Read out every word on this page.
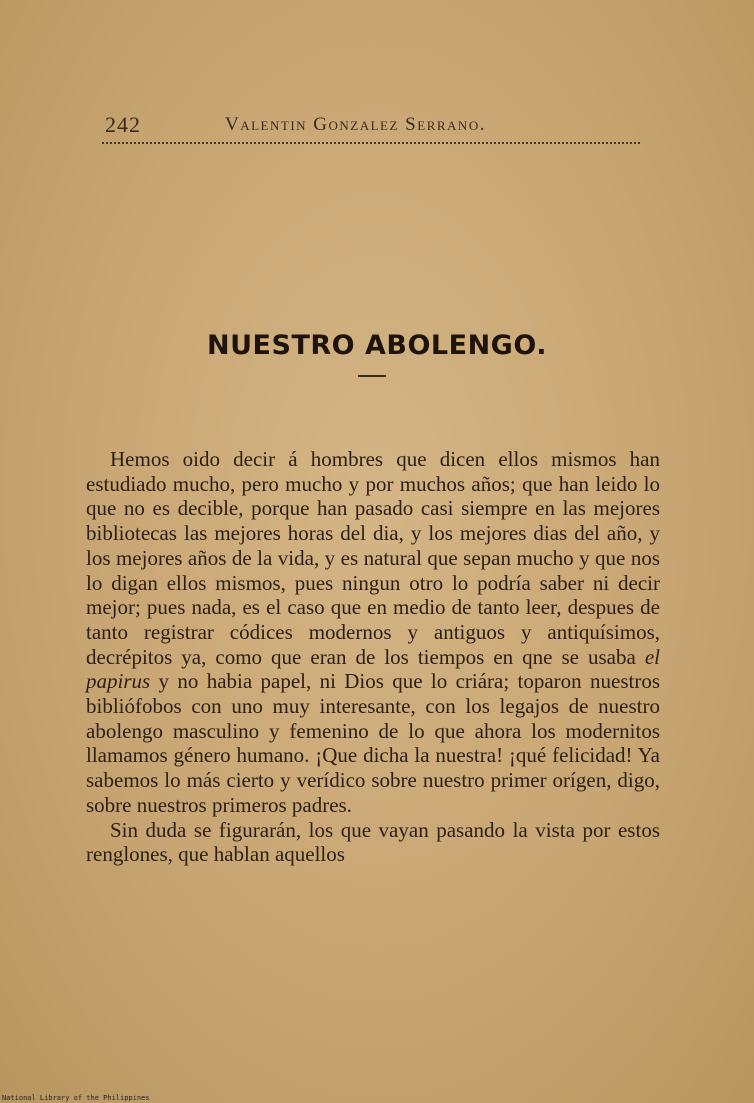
242	Valentin Gonzalez Serrano.
NUESTRO ABOLENGO.

Hemos oido decir á hombres que dicen ellos mismos han estudiado mucho, pero mucho y por muchos años; que han leido lo que no es decible, porque han pasado casi siempre en las mejores bibliotecas las mejores horas del dia, y los mejores dias del año, y los mejores años de la vida, y es natural que sepan mucho y que nos lo digan ellos mismos, pues ningun otro lo podría saber ni decir mejor; pues nada, es el caso que en medio de tanto leer, despues de tanto registrar códices modernos y antiguos y antiquísimos, decrépitos ya, como que eran de los tiempos en qne se usaba el papirus y no habia papel, ni Dios que lo criára; toparon nuestros bibliófobos con uno muy interesante, con los legajos de nuestro abolengo masculino y femenino de lo que ahora los modernitos llamamos género humano. ¡Que dicha la nuestra! ¡qué felicidad! Ya sabemos lo más cierto y verídico sobre nuestro primer orígen, digo, sobre nuestros primeros padres.

Sin duda se figurarán, los que vayan pasando la vista por estos renglones, que hablan aquellos

National Library of the Philippines
